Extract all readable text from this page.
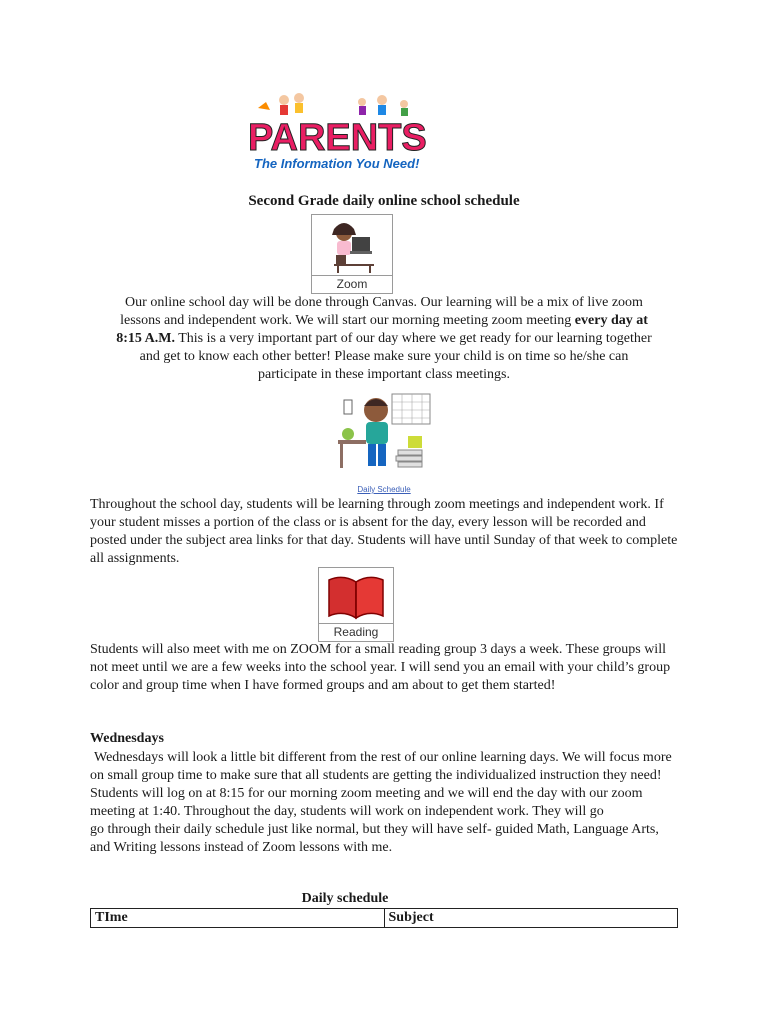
PARENTS
The Information You Need!
Second Grade daily online school schedule
Zoom
Our online school day will be done through Canvas. Our learning will be a mix of live zoom
lessons and independent work. We will start our morning meeting zoom meeting every day at
8:15 A.M. This is a very important part of our day where we get ready for our learning together
and get to know each other better! Please make sure your child is on time so he/she can
participate in these important class meetings.
Daily Schedule
Throughout the school day, students will be learning through zoom meetings and independent work. If your student misses a portion of the class or is absent for the day, every lesson will be recorded and posted under the subject area links for that day. Students will have until Sunday of that week to complete all assignments.
Reading
Students will also meet with me on ZOOM for a small reading group 3 days a week. These groups will not meet until we are a few weeks into the school year. I will send you an email with your child’s group color and group time when I have formed groups and am about to get them started!
Wednesdays
Wednesdays will look a little bit different from the rest of our online learning days. We will focus more on small group time to make sure that all students are getting the individualized instruction they need! Students will log on at 8:15 for our morning zoom meeting and we will end the day with our zoom meeting at 1:40. Throughout the day, students will work on independent work. They will go
go through their daily schedule just like normal, but they will have self- guided Math, Language Arts, and Writing lessons instead of Zoom lessons with me.
Daily schedule
TIme	Subject
